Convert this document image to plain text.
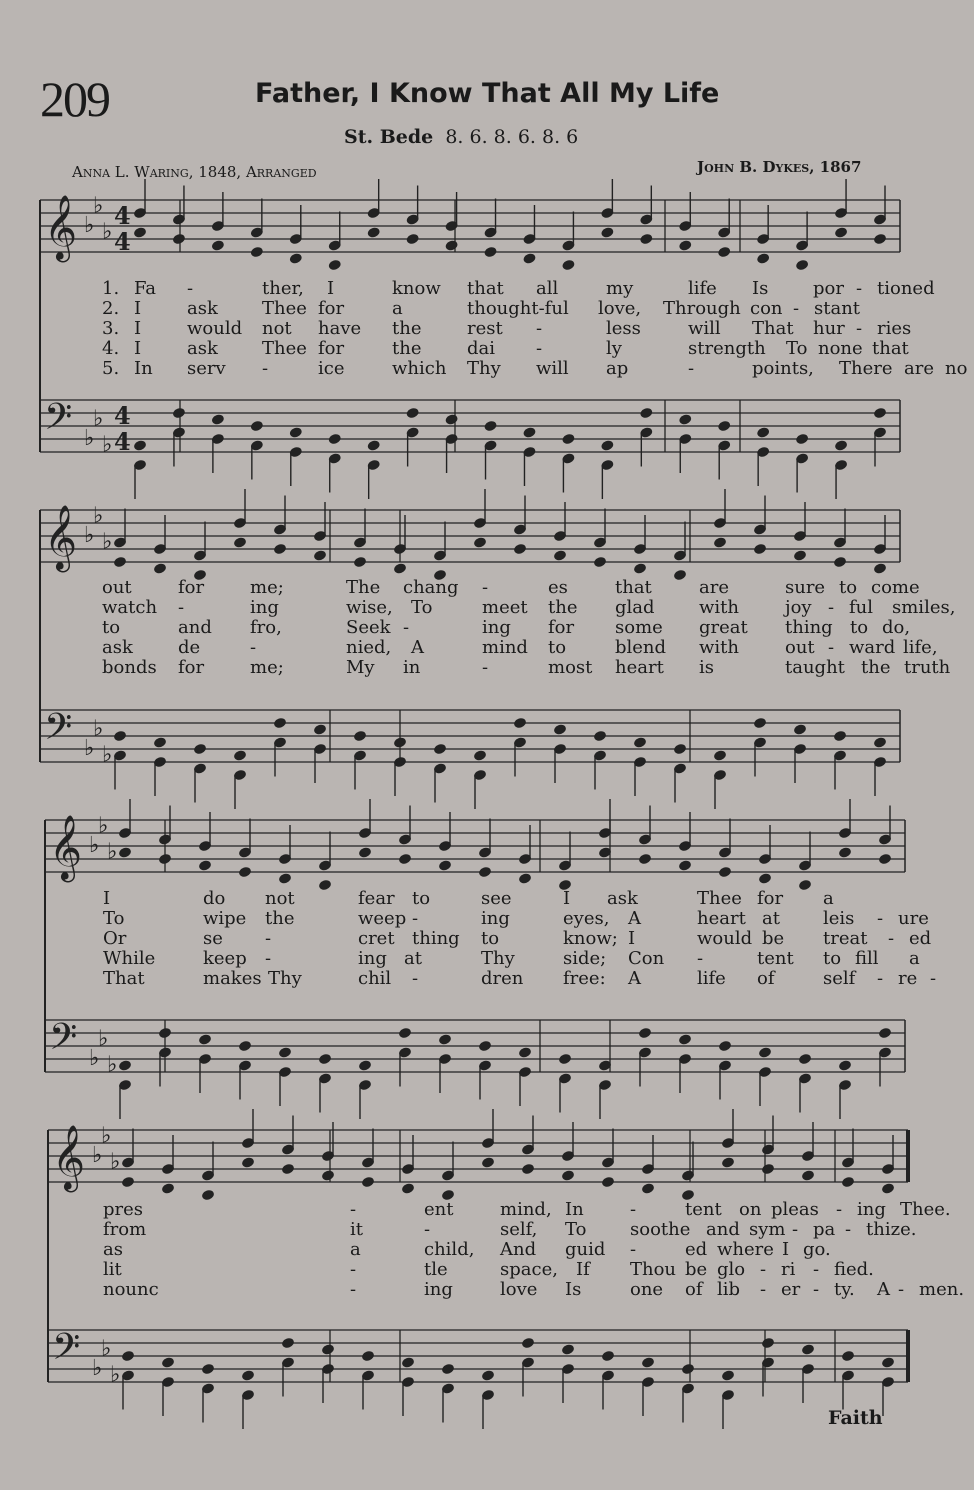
209	Father, I Know That All My Life
St. Bede 8. 6. 8. 6. 8. 6
Anna L. Waring, 1848, Arranged	John B. Dykes, 1867
Faith
𝄞 ♭
♭
♭
4
4
𝄢 ♭
♭
♭
4
4
𝄞 ♭
♭
♭
𝄢 ♭
♭
♭
𝄞 ♭
♭
♭
𝄢 ♭
♭
♭
𝄞 ♭
♭
♭
𝄢 ♭
♭
♭
1. Fa -	ther, I	know that all	my	life Is por - tioned
2. I	ask Thee for	a	thought-ful love, Through con - stant
3. I	would not have the	rest -	less	will That hur - ries
4. I	ask Thee for	the	dai -	ly	strength To none that
5. In serv -	ice	which Thy will ap	-	points, There are no
out	for	me;	The chang -	es	that	are	sure to come
watch -	ing	wise, To	meet the glad with	joy - ful smiles,
to	and fro,	Seek -	ing for some great thing to do,
ask	de	-	nied, A	mind to	blend with	out - ward life,
bonds for	me;	My in	-	most heart is	taught the truth
I	do not	fear to	see	I ask	Thee for a
To	wipe the	weep -	ing	eyes, A	heart at leis - ure
Or	se -	cret thing to	know; I	would be treat - ed
While	keep -	ing at	Thy	side; Con -	tent to fill a
That	makes Thy	chil -	dren free: A	life of	self - re -
pres	-	ent	mind, In	-	tent on pleas - ing Thee.
from	it	-	self, To soothe and sym - pa - thize.
as	a	child, And guid -	ed where I go.
lit	-	tle	space, If Thou be glo - ri - fied.
nounc	-	ing	love Is	one of lib - er - ty. A - men.
